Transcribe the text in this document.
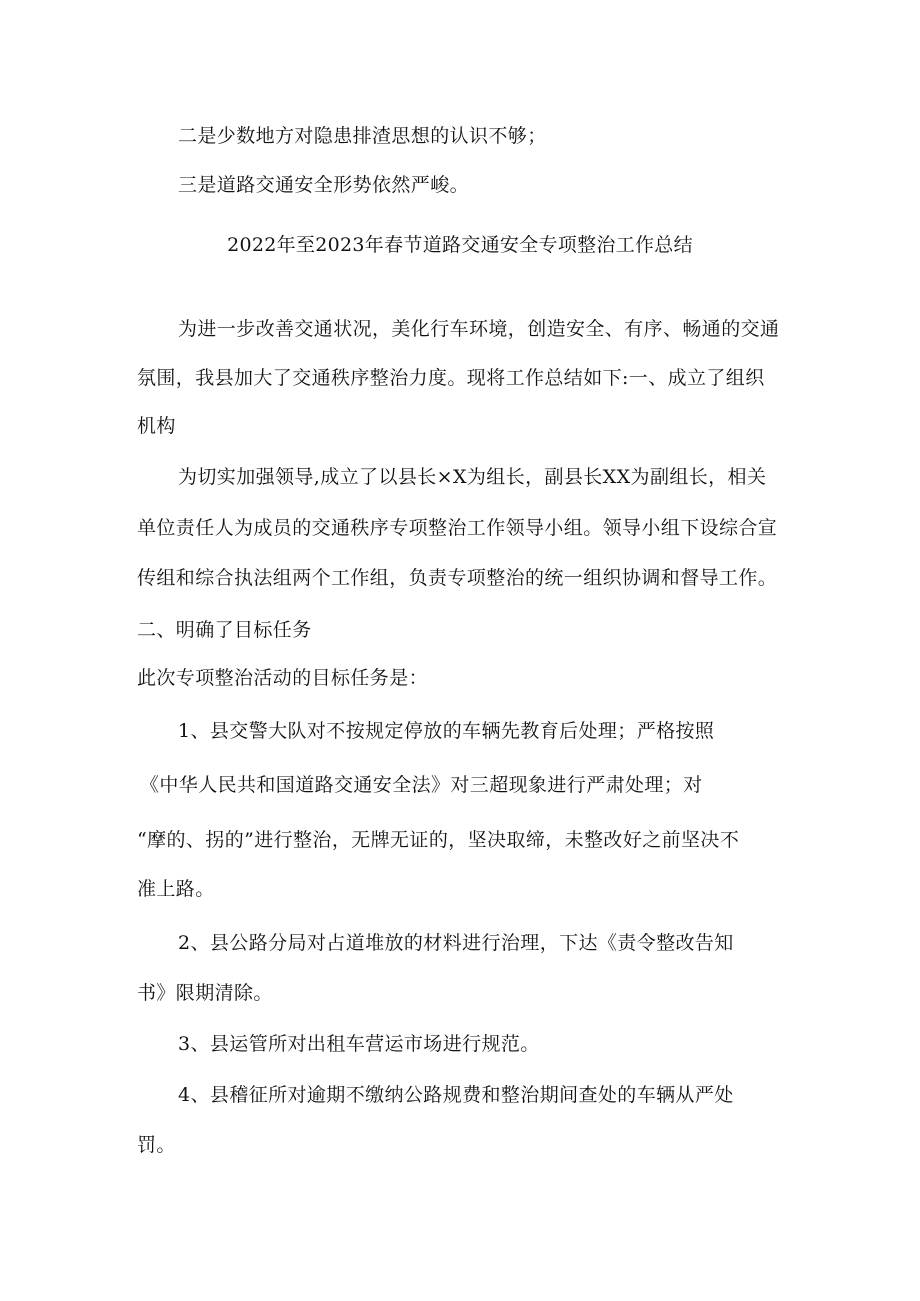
二是少数地方对隐患排渣思想的认识不够；
三是道路交通安全形势依然严峻。
2022年至2023年春节道路交通安全专项整治工作总结
为进一步改善交通状况，美化行车环境，创造安全、有序、畅通的交通
氛围，我县加大了交通秩序整治力度。现将工作总结如下:一、成立了组织
机构
为切实加强领导,成立了以县长×X为组长，副县长XX为副组长，相关
单位责任人为成员的交通秩序专项整治工作领导小组。领导小组下设综合宣
传组和综合执法组两个工作组，负责专项整治的统一组织协调和督导工作。
二、明确了目标任务
此次专项整治活动的目标任务是：
1、县交警大队对不按规定停放的车辆先教育后处理；严格按照
《中华人民共和国道路交通安全法》对三超现象进行严肃处理；对
“摩的、拐的”进行整治，无牌无证的，坚决取缔，未整改好之前坚决不
准上路。
2、县公路分局对占道堆放的材料进行治理，下达《责令整改告知
书》限期清除。
3、县运管所对出租车营运市场进行规范。
4、县稽征所对逾期不缴纳公路规费和整治期间查处的车辆从严处
罚。
